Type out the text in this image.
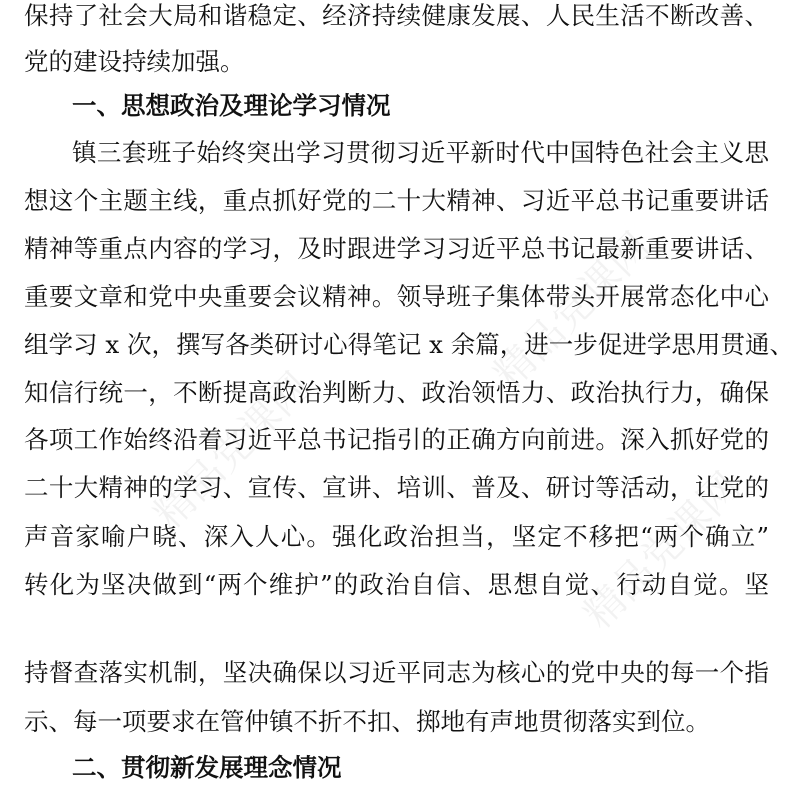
保持了社会大局和谐稳定、经济持续健康发展、人民生活不断改善、
党的建设持续加强。
一、思想政治及理论学习情况
镇三套班子始终突出学习贯彻习近平新时代中国特色社会主义思
想这个主题主线，重点抓好党的二十大精神、习近平总书记重要讲话
精神等重点内容的学习，及时跟进学习习近平总书记最新重要讲话、
重要文章和党中央重要会议精神。领导班子集体带头开展常态化中心
组学习 x 次，撰写各类研讨心得笔记 x 余篇，进一步促进学思用贯通、
知信行统一，不断提高政治判断力、政治领悟力、政治执行力，确保
各项工作始终沿着习近平总书记指引的正确方向前进。深入抓好党的
二十大精神的学习、宣传、宣讲、培训、普及、研讨等活动，让党的
声音家喻户晓、深入人心。强化政治担当，坚定不移把“两个确立”
转化为坚决做到“两个维护”的政治自信、思想自觉、行动自觉。坚
持督查落实机制，坚决确保以习近平同志为核心的党中央的每一个指
示、每一项要求在管仲镇不折不扣、掷地有声地贯彻落实到位。
二、贯彻新发展理念情况
精品党课网
精品党课网
精品党课网
